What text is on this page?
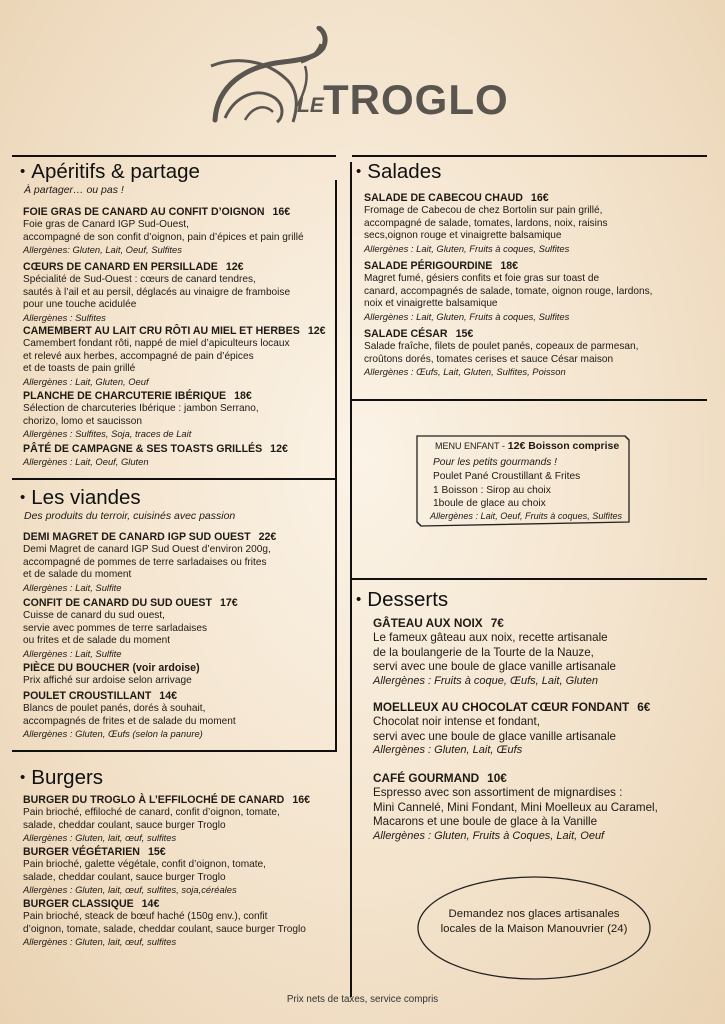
LE TROGLO
• Apéritifs & partage
À partager… ou pas !
FOIE GRAS DE CANARD AU CONFIT D’OIGNON 16€
Foie gras de Canard IGP Sud-Ouest,
accompagné de son confit d’oignon, pain d’épices et pain grillé
Allergènes: Gluten, Lait, Oeuf, Sulfites
CŒURS DE CANARD EN PERSILLADE 12€
Spécialité de Sud-Ouest : cœurs de canard tendres,
sautés à l’ail et au persil, déglacés au vinaigre de framboise
pour une touche acidulée
Allergènes : Sulfites
CAMEMBERT AU LAIT CRU RÔTI AU MIEL ET HERBES 12€
Camembert fondant rôti, nappé de miel d’apiculteurs locaux
et relevé aux herbes, accompagné de pain d’épices
et de toasts de pain grillé
Allergènes : Lait, Gluten, Oeuf
PLANCHE DE CHARCUTERIE IBÉRIQUE 18€
Sélection de charcuteries Ibérique : jambon Serrano,
chorizo, lomo et saucisson
Allergènes : Sulfites, Soja, traces de Lait
PÂTÉ DE CAMPAGNE & SES TOASTS GRILLÉS 12€
Allergènes : Lait, Oeuf, Gluten
• Les viandes
Des produits du terroir, cuisinés avec passion
DEMI MAGRET DE CANARD IGP SUD OUEST 22€
Demi Magret de canard IGP Sud Ouest d’environ 200g,
accompagné de pommes de terre sarladaises ou frites
et de salade du moment
Allergènes : Lait, Sulfite
CONFIT DE CANARD DU SUD OUEST 17€
Cuisse de canard du sud ouest,
servie avec pommes de terre sarladaises
ou frites et de salade du moment
Allergènes : Lait, Sulfite
PIÈCE DU BOUCHER (voir ardoise)
Prix affiché sur ardoise selon arrivage
POULET CROUSTILLANT 14€
Blancs de poulet panés, dorés à souhait,
accompagnés de frites et de salade du moment
Allergènes : Gluten, Œufs (selon la panure)
• Burgers
BURGER DU TROGLO À L’EFFILOCHÉ DE CANARD 16€
Pain brioché, effiloché de canard, confit d’oignon, tomate,
salade, cheddar coulant, sauce burger Troglo
Allergènes : Gluten, lait, œuf, sulfites
BURGER VÉGÉTARIEN 15€
Pain brioché, galette végétale, confit d’oignon, tomate,
salade, cheddar coulant, sauce burger Troglo
Allergènes : Gluten, lait, œuf, sulfites, soja,céréales
BURGER CLASSIQUE 14€
Pain brioché, steack de bœuf haché (150g env.), confit
d’oignon, tomate, salade, cheddar coulant, sauce burger Troglo
Allergènes : Gluten, lait, œuf, sulfites
• Salades
SALADE DE CABECOU CHAUD 16€
Fromage de Cabecou de chez Bortolin sur pain grillé,
accompagné de salade, tomates, lardons, noix, raisins
secs,oignon rouge et vinaigrette balsamique
Allergènes : Lait, Gluten, Fruits à coques, Sulfites
SALADE PÉRIGOURDINE 18€
Magret fumé, gésiers confits et foie gras sur toast de
canard, accompagnés de salade, tomate, oignon rouge, lardons,
noix et vinaigrette balsamique
Allergènes : Lait, Gluten, Fruits à coques, Sulfites
SALADE CÉSAR 15€
Salade fraîche, filets de poulet panés, copeaux de parmesan,
croûtons dorés, tomates cerises et sauce César maison
Allergènes : Œufs, Lait, Gluten, Sulfites, Poisson
MENU ENFANT - 12€ Boisson comprise
Pour les petits gourmands !
Poulet Pané Croustillant & Frites
1 Boisson : Sirop au choix
1boule de glace au choix
Allergènes : Lait, Oeuf, Fruits à coques, Sulfites
• Desserts
GÂTEAU AUX NOIX 7€
Le fameux gâteau aux noix, recette artisanale
de la boulangerie de la Tourte de la Nauze,
servi avec une boule de glace vanille artisanale
Allergènes : Fruits à coque, Œufs, Lait, Gluten
MOELLEUX AU CHOCOLAT CŒUR FONDANT 6€
Chocolat noir intense et fondant,
servi avec une boule de glace vanille artisanale
Allergènes : Gluten, Lait, Œufs
CAFÉ GOURMAND 10€
Espresso avec son assortiment de mignardises :
Mini Cannelé, Mini Fondant, Mini Moelleux au Caramel,
Macarons et une boule de glace à la Vanille
Allergènes : Gluten, Fruits à Coques, Lait, Oeuf
Demandez nos glaces artisanales
locales de la Maison Manouvrier (24)
Prix nets de taxes, service compris
